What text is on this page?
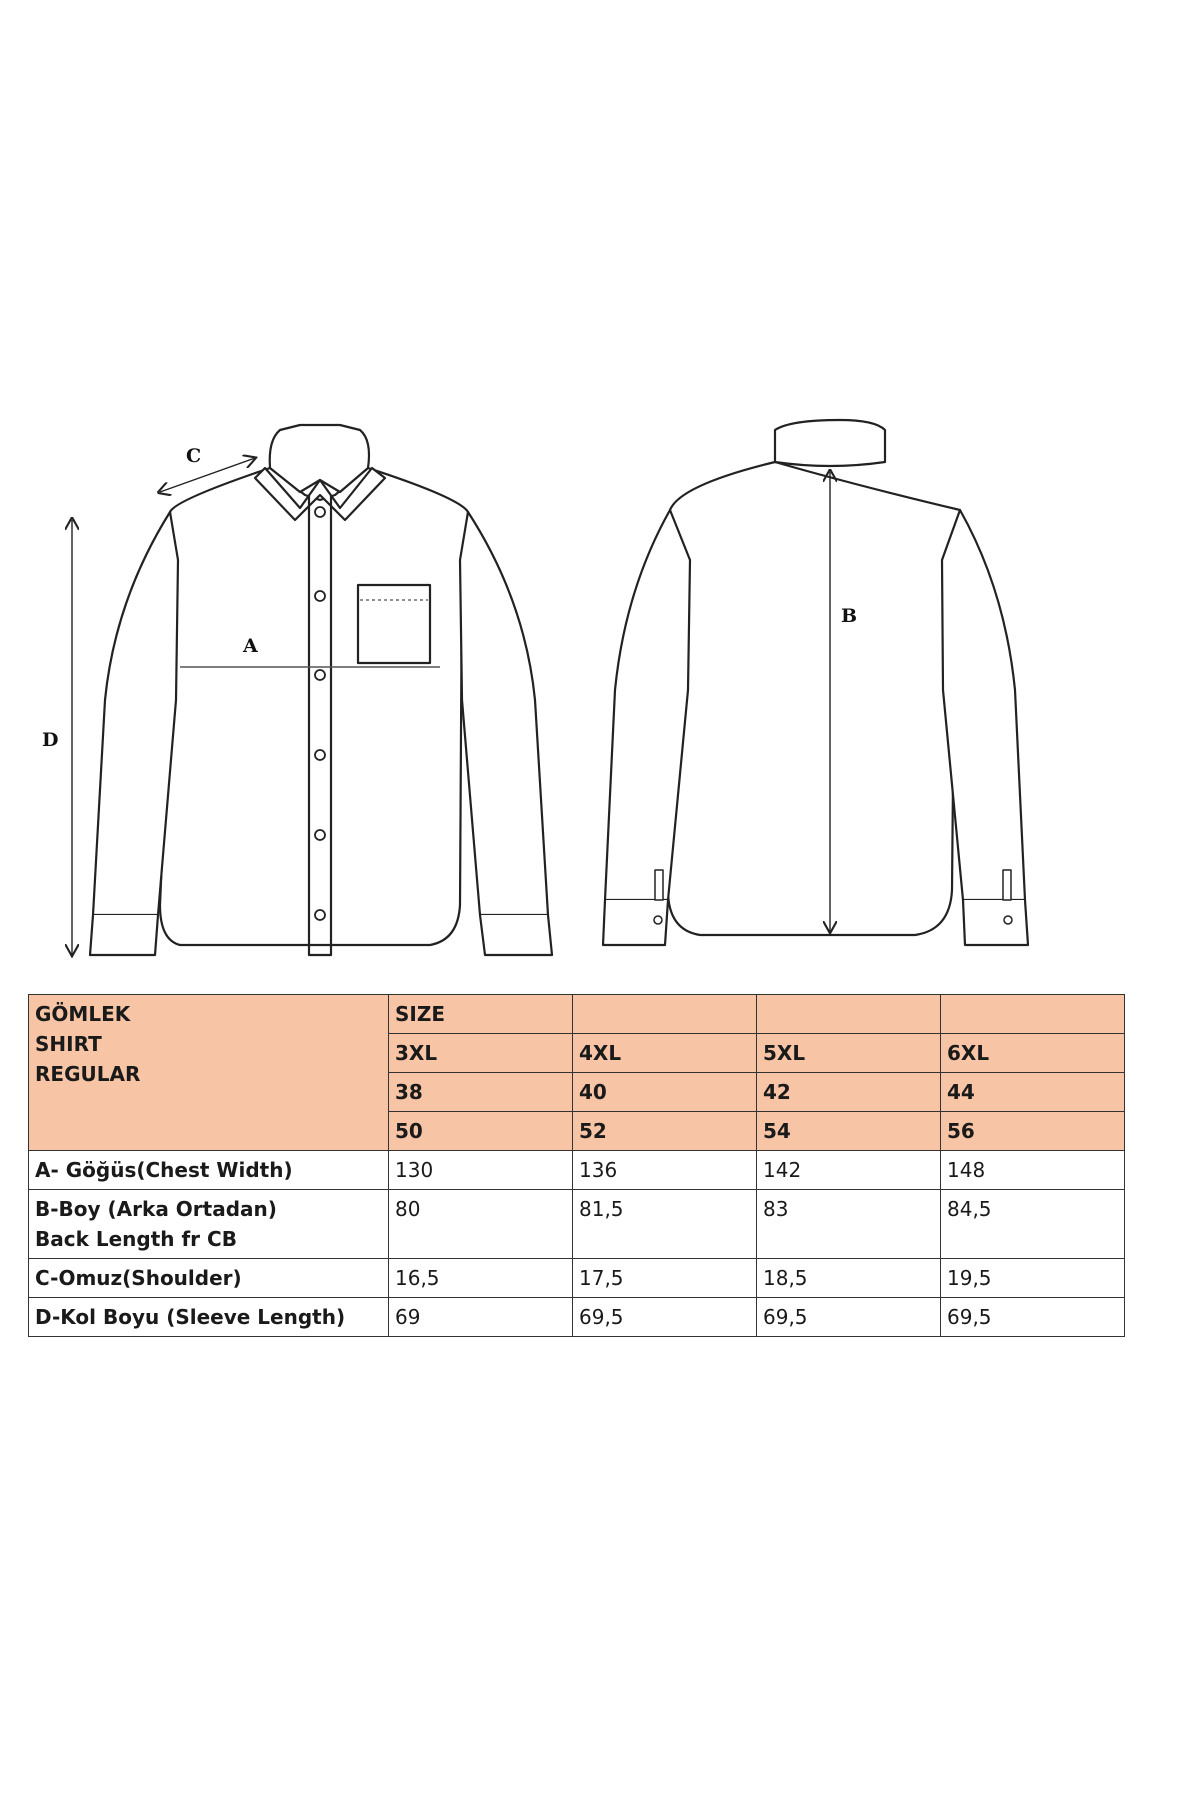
A
C
D
B
GÖMLEK
SHIRT
REGULAR	SIZE			
	3XL	4XL	5XL	6XL
	38	40	42	44
	50	52	54	56
A- Göğüs(Chest Width)	130	136	142	148

B-Boy (Arka Ortadan)
Back Length fr CB	80	81,5	83	84,5
C-Omuz(Shoulder)	16,5	17,5	18,5	19,5
D-Kol Boyu (Sleeve Length)	69	69,5	69,5	69,5
